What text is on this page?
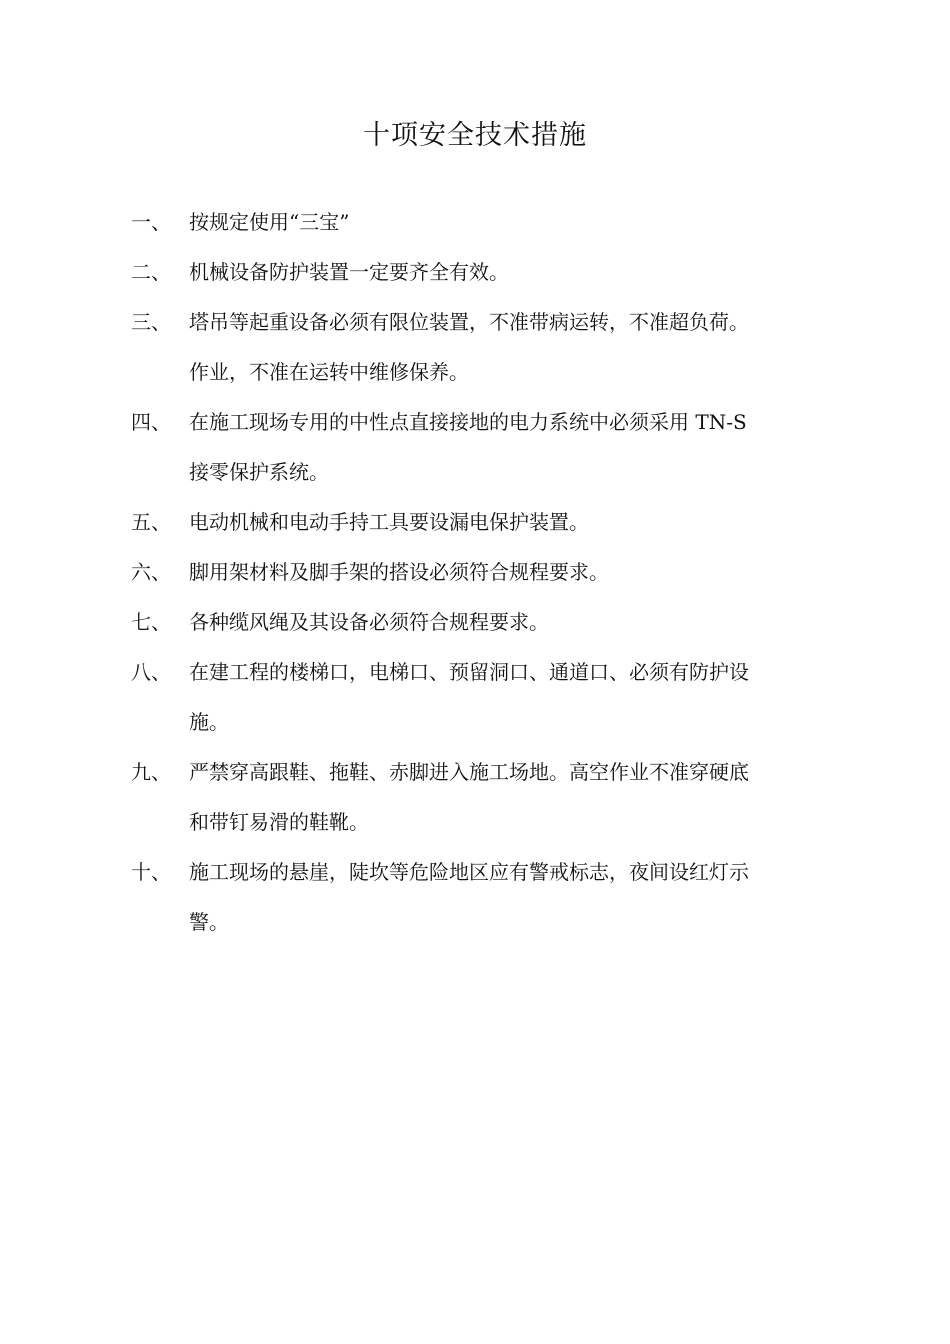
十项安全技术措施
一、 按规定使用“三宝”
二、 机械设备防护装置一定要齐全有效。
三、 塔吊等起重设备必须有限位装置，不准带病运转，不准超负荷。
作业，不准在运转中维修保养。
四、 在施工现场专用的中性点直接接地的电力系统中必须采用 TN-S
接零保护系统。
五、 电动机械和电动手持工具要设漏电保护装置。
六、 脚用架材料及脚手架的搭设必须符合规程要求。
七、 各种缆风绳及其设备必须符合规程要求。
八、 在建工程的楼梯口，电梯口、预留洞口、通道口、必须有防护设
施。
九、 严禁穿高跟鞋、拖鞋、赤脚进入施工场地。高空作业不准穿硬底
和带钉易滑的鞋靴。
十、 施工现场的悬崖，陡坎等危险地区应有警戒标志，夜间设红灯示
警。
